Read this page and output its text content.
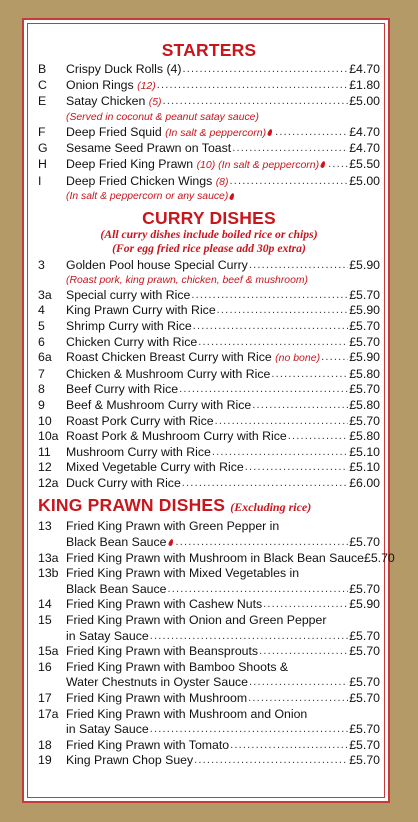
STARTERS
B	Crispy Duck Rolls (4) .....	£4.70
C	Onion Rings (12) .....	£1.80
E	Satay Chicken (5) .....	£5.00
(Served in coconut & peanut satay sauce)
F	Deep Fried Squid (In salt & peppercorn) .....	£4.70
G	Sesame Seed Prawn on Toast .....	£4.70
H	Deep Fried King Prawn (10) (In salt & peppercorn) .....	£5.50
I	Deep Fried Chicken Wings (8) .....	£5.00
(In salt & peppercorn or any sauce)
CURRY DISHES
(All curry dishes include boiled rice or chips)
(For egg fried rice please add 30p extra)
3	Golden Pool house Special Curry .....	£5.90
(Roast pork, king prawn, chicken, beef & mushroom)
3a	Special curry with Rice .....	£5.70
4	King Prawn Curry with Rice .....	£5.90
5	Shrimp Curry with Rice .....	£5.70
6	Chicken Curry with Rice .....	£5.70
6a	Roast Chicken Breast Curry with Rice (no bone) ..... £5.90
7	Chicken & Mushroom Curry with Rice .....	£5.80
8	Beef Curry with Rice .....	£5.70
9	Beef & Mushroom Curry with Rice .....	£5.80
10	Roast Pork Curry with Rice .....	£5.70
10a Roast Pork & Mushroom Curry with Rice .....	£5.80
11	Mushroom Curry with Rice .....	£5.10
12	Mixed Vegetable Curry with Rice .....	£5.10
12a Duck Curry with Rice .....	£6.00
KING PRAWN DISHES (Excluding rice)
13	Fried King Prawn with Green Pepper in
Black Bean Sauce .....	£5.70
13a Fried King Prawn with Mushroom in Black Bean Sauce £5.70
13b Fried King Prawn with Mixed Vegetables in
Black Bean Sauce .....	£5.70
14	Fried King Prawn with Cashew Nuts .....	£5.90
15	Fried King Prawn with Onion and Green Pepper
in Satay Sauce .....	£5.70
15a Fried King Prawn with Beansprouts .....	£5.70
16	Fried King Prawn with Bamboo Shoots &
Water Chestnuts in Oyster Sauce .....	£5.70
17	Fried King Prawn with Mushroom .....	£5.70
17a Fried King Prawn with Mushroom and Onion
in Satay Sauce .....	£5.70
18	Fried King Prawn with Tomato .....	£5.70
19	King Prawn Chop Suey .....	£5.70
